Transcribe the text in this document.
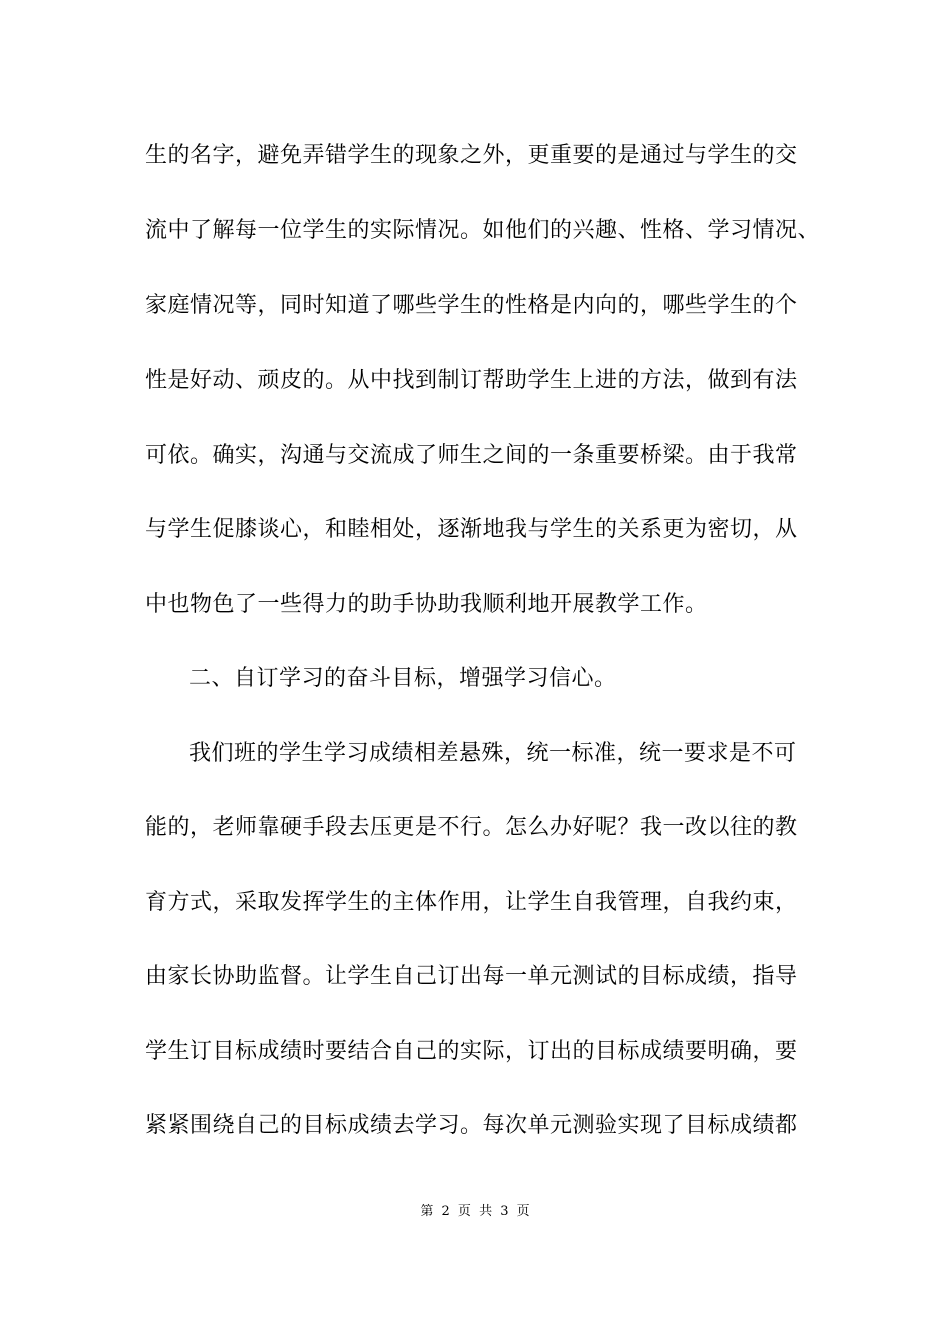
生的名字，避免弄错学生的现象之外，更重要的是通过与学生的交
流中了解每一位学生的实际情况。如他们的兴趣、性格、学习情况、
家庭情况等，同时知道了哪些学生的性格是内向的，哪些学生的个
性是好动、顽皮的。从中找到制订帮助学生上进的方法，做到有法
可依。确实，沟通与交流成了师生之间的一条重要桥梁。由于我常
与学生促膝谈心，和睦相处，逐渐地我与学生的关系更为密切，从
中也物色了一些得力的助手协助我顺利地开展教学工作。
二、自订学习的奋斗目标，增强学习信心。
我们班的学生学习成绩相差悬殊，统一标准，统一要求是不可
能的，老师靠硬手段去压更是不行。怎么办好呢？我一改以往的教
育方式，采取发挥学生的主体作用，让学生自我管理，自我约束，
由家长协助监督。让学生自己订出每一单元测试的目标成绩，指导
学生订目标成绩时要结合自己的实际，订出的目标成绩要明确，要
紧紧围绕自己的目标成绩去学习。每次单元测验实现了目标成绩都
第 2 页 共 3 页
